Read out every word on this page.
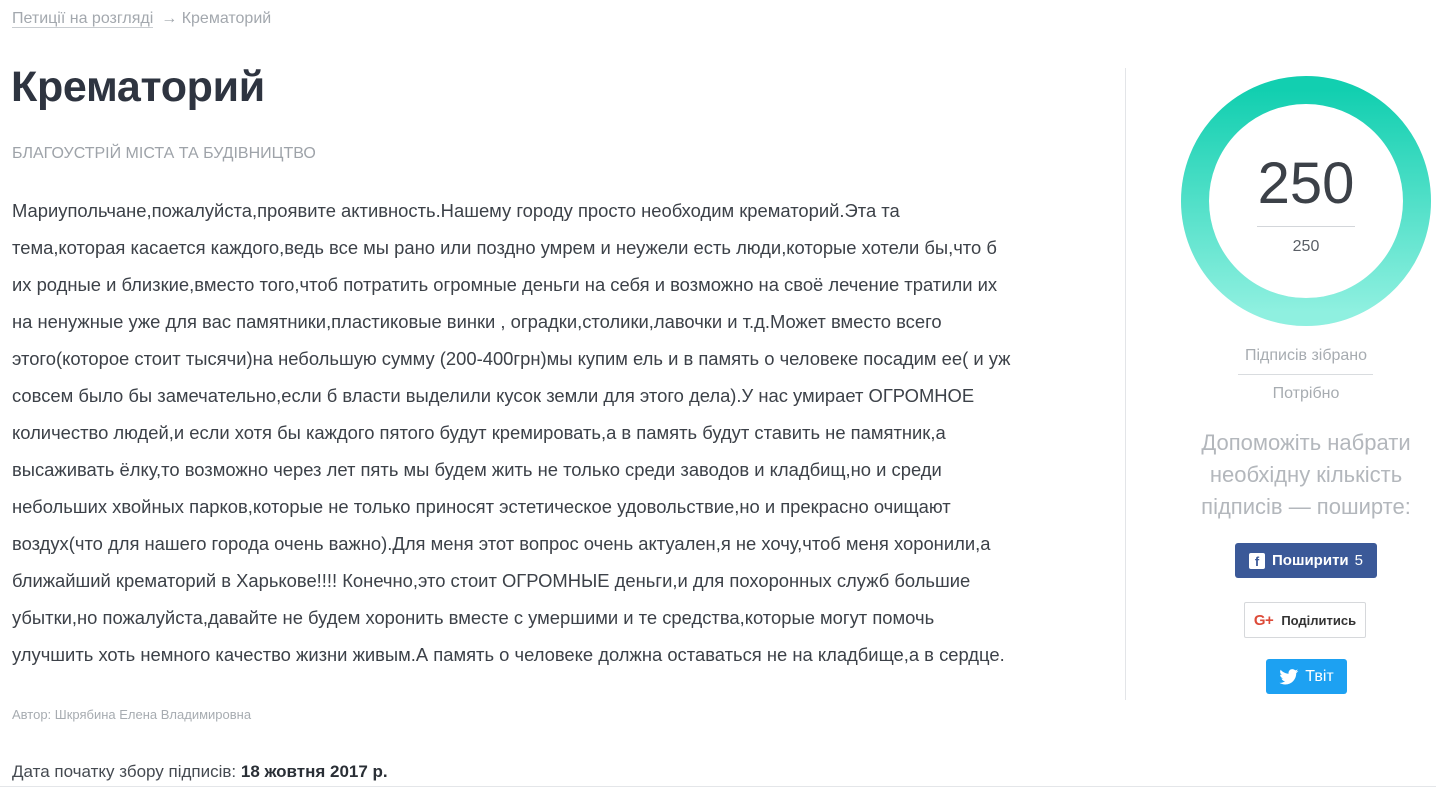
Петиції на розгляді → Крематорий
Крематорий
БЛАГОУСТРІЙ МІСТА ТА БУДІВНИЦТВО

Мариупольчане,пожалуйста,проявите активность.Нашему городу просто необходим крематорий.Эта та
тема,которая касается каждого,ведь все мы рано или поздно умрем и неужели есть люди,которые хотели бы,что б
их родные и близкие,вместо того,чтоб потратить огромные деньги на себя и возможно на своё лечение тратили их
на ненужные уже для вас памятники,пластиковые винки , оградки,столики,лавочки и т.д.Может вместо всего
этого(которое стоит тысячи)на небольшую сумму (200-400грн)мы купим ель и в память о человеке посадим ее( и уж
совсем было бы замечательно,если б власти выделили кусок земли для этого дела).У нас умирает ОГРОМНОЕ
количество людей,и если хотя бы каждого пятого будут кремировать,а в память будут ставить не памятник,а
высаживать ёлку,то возможно через лет пять мы будем жить не только среди заводов и кладбищ,но и среди
небольших хвойных парков,которые не только приносят эстетическое удовольствие,но и прекрасно очищают
воздух(что для нашего города очень важно).Для меня этот вопрос очень актуален,я не хочу,чтоб меня хоронили,а
ближайший крематорий в Харькове!!!! Конечно,это стоит ОГРОМНЫЕ деньги,и для похоронных служб большие
убытки,но пожалуйста,давайте не будем хоронить вместе с умершими и те средства,которые могут помочь
улучшить хоть немного качество жизни живым.А память о человеке должна оставаться не на кладбище,а в сердце.

Автор: Шкрябина Елена Владимировна
Дата початку збору підписів: 18 жовтня 2017 р.
250
250
Підписів зібрано
Потрібно
Допоможіть набрати необхідну кількість підписів — поширте:
f Поширити 5
G+ Поділитись
Твіт
